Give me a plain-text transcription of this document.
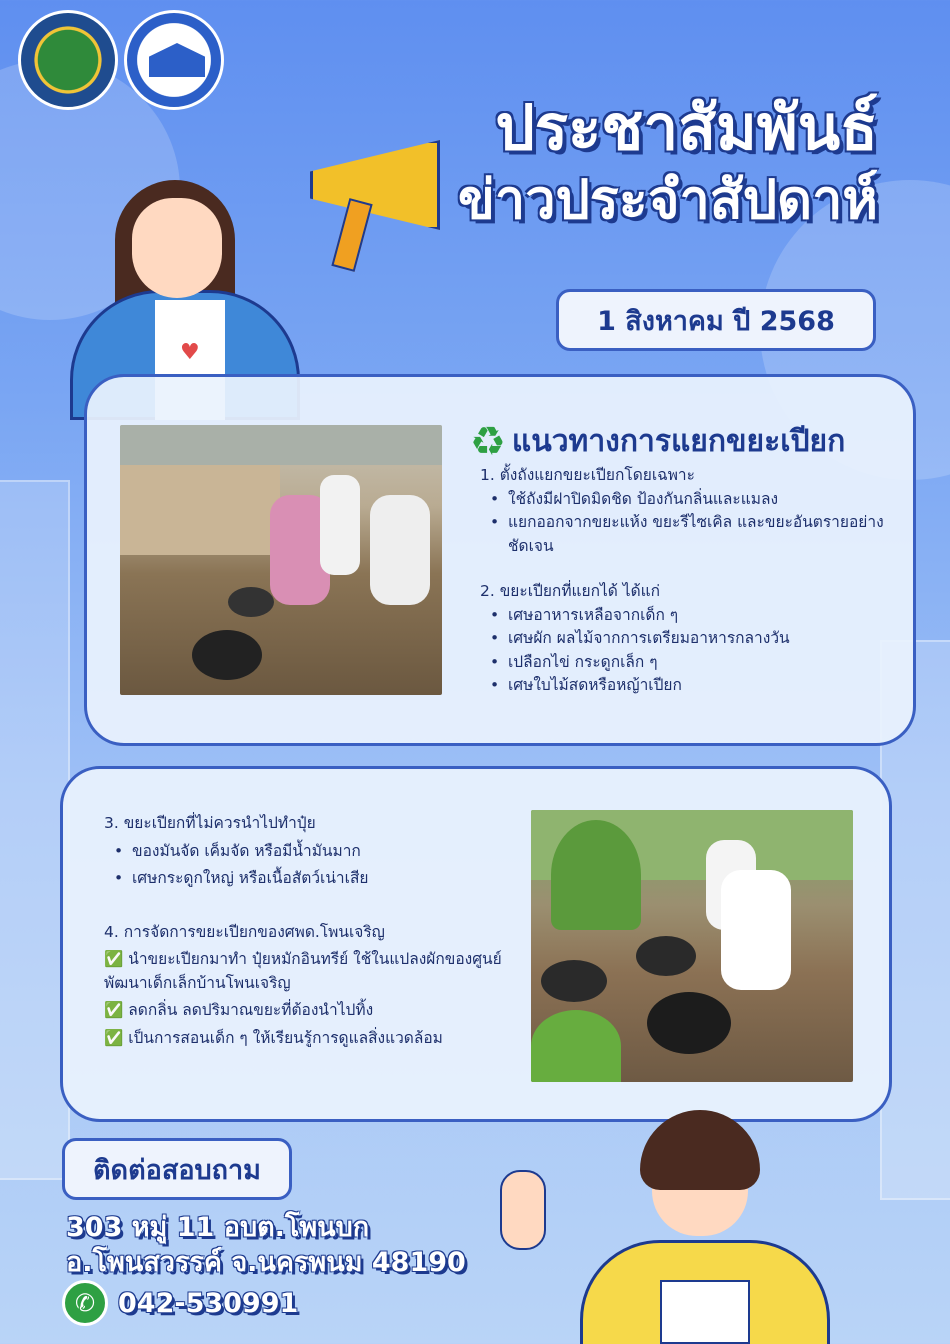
♥
ประชาสัมพันธ์
ข่าวประจำสัปดาห์
1 สิงหาคม ปี 2568
♻ แนวทางการแยกขยะเปียก
1. ตั้งถังแยกขยะเปียกโดยเฉพาะ
• ใช้ถังมีฝาปิดมิดชิด ป้องกันกลิ่นและแมลง
• แยกออกจากขยะแห้ง ขยะรีไซเคิล และขยะอันตรายอย่างชัดเจน
2. ขยะเปียกที่แยกได้ ได้แก่
• เศษอาหารเหลือจากเด็ก ๆ
• เศษผัก ผลไม้จากการเตรียมอาหารกลางวัน
• เปลือกไข่ กระดูกเล็ก ๆ
• เศษใบไม้สดหรือหญ้าเปียก
3. ขยะเปียกที่ไม่ควรนำไปทำปุ๋ย
• ของมันจัด เค็มจัด หรือมีน้ำมันมาก
• เศษกระดูกใหญ่ หรือเนื้อสัตว์เน่าเสีย
4. การจัดการขยะเปียกของศพด.โพนเจริญ
✅ นำขยะเปียกมาทำ ปุ๋ยหมักอินทรีย์ ใช้ในแปลงผักของศูนย์พัฒนาเด็กเล็กบ้านโพนเจริญ
✅ ลดกลิ่น ลดปริมาณขยะที่ต้องนำไปทิ้ง
✅ เป็นการสอนเด็ก ๆ ให้เรียนรู้การดูแลสิ่งแวดล้อม
ติดต่อสอบถาม
303 หมู่ 11 อบต.โพนบก
อ.โพนสวรรค์ จ.นครพนม 48190
✆ 042-530991
